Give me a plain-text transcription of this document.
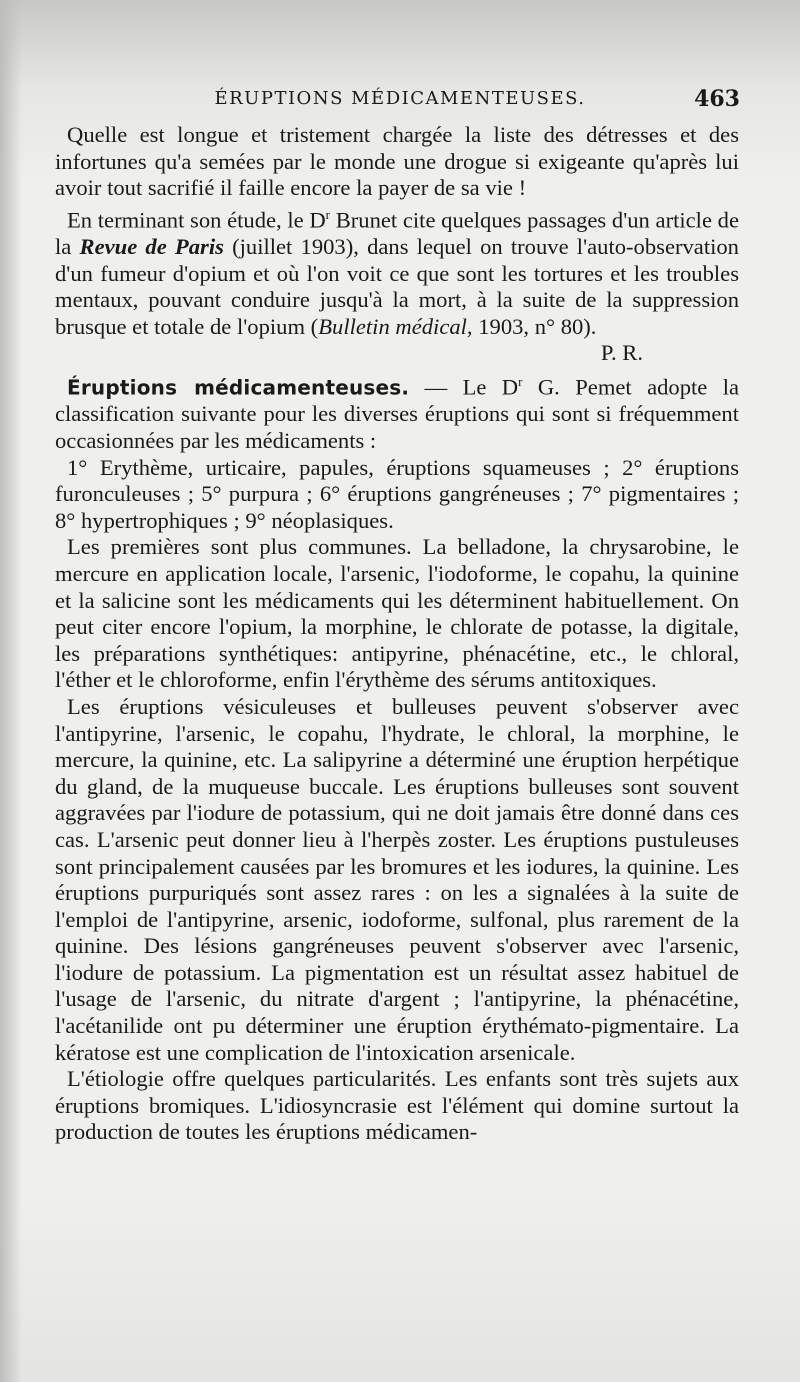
ÉRUPTIONS MÉDICAMENTEUSES.	463

Quelle est longue et tristement chargée la liste des détresses et des infortunes qu'a semées par le monde une drogue si exigeante qu'après lui avoir tout sacrifié il faille encore la payer de sa vie !

En terminant son étude, le $D^r$ Brunet cite quelques passages d'un article de la Revue de Paris (juillet 1903), dans lequel on trouve l'auto-observation d'un fumeur d'opium et où l'on voit ce que sont les tortures et les troubles mentaux, pouvant conduire jusqu'à la mort, à la suite de la suppression brusque et totale de l'opium (Bulletin médical, 1903, n° 80).
P. R.

Éruptions médicamenteuses. — Le $D^r$ G. Pemet adopte la classification suivante pour les diverses éruptions qui sont si fréquemment occasionnées par les médicaments :

1° Erythème, urticaire, papules, éruptions squameuses ; 2° éruptions furonculeuses ; 5° purpura ; 6° éruptions gangréneuses ; 7° pigmentaires ; 8° hypertrophiques ; 9° néoplasiques.

Les premières sont plus communes. La belladone, la chrysarobine, le mercure en application locale, l'arsenic, l'iodoforme, le copahu, la quinine et la salicine sont les médicaments qui les déterminent habituellement. On peut citer encore l'opium, la morphine, le chlorate de potasse, la digitale, les préparations synthétiques: antipyrine, phénacétine, etc., le chloral, l'éther et le chloroforme, enfin l'érythème des sérums antitoxiques.

Les éruptions vésiculeuses et bulleuses peuvent s'observer avec l'antipyrine, l'arsenic, le copahu, l'hydrate, le chloral, la morphine, le mercure, la quinine, etc. La salipyrine a déterminé une éruption herpétique du gland, de la muqueuse buccale. Les éruptions bulleuses sont souvent aggravées par l'iodure de potassium, qui ne doit jamais être donné dans ces cas. L'arsenic peut donner lieu à l'herpès zoster. Les éruptions pustuleuses sont principalement causées par les bromures et les iodures, la quinine. Les éruptions purpuriqués sont assez rares : on les a signalées à la suite de l'emploi de l'antipyrine, arsenic, iodoforme, sulfonal, plus rarement de la quinine. Des lésions gangréneuses peuvent s'observer avec l'arsenic, l'iodure de potassium. La pigmentation est un résultat assez habituel de l'usage de l'arsenic, du nitrate d'argent ; l'antipyrine, la phénacétine, l'acétanilide ont pu déterminer une éruption érythémato-pigmentaire. La kératose est une complication de l'intoxication arsenicale.

L'étiologie offre quelques particularités. Les enfants sont très sujets aux éruptions bromiques. L'idiosyncrasie est l'élément qui domine surtout la production de toutes les éruptions médicamen-
